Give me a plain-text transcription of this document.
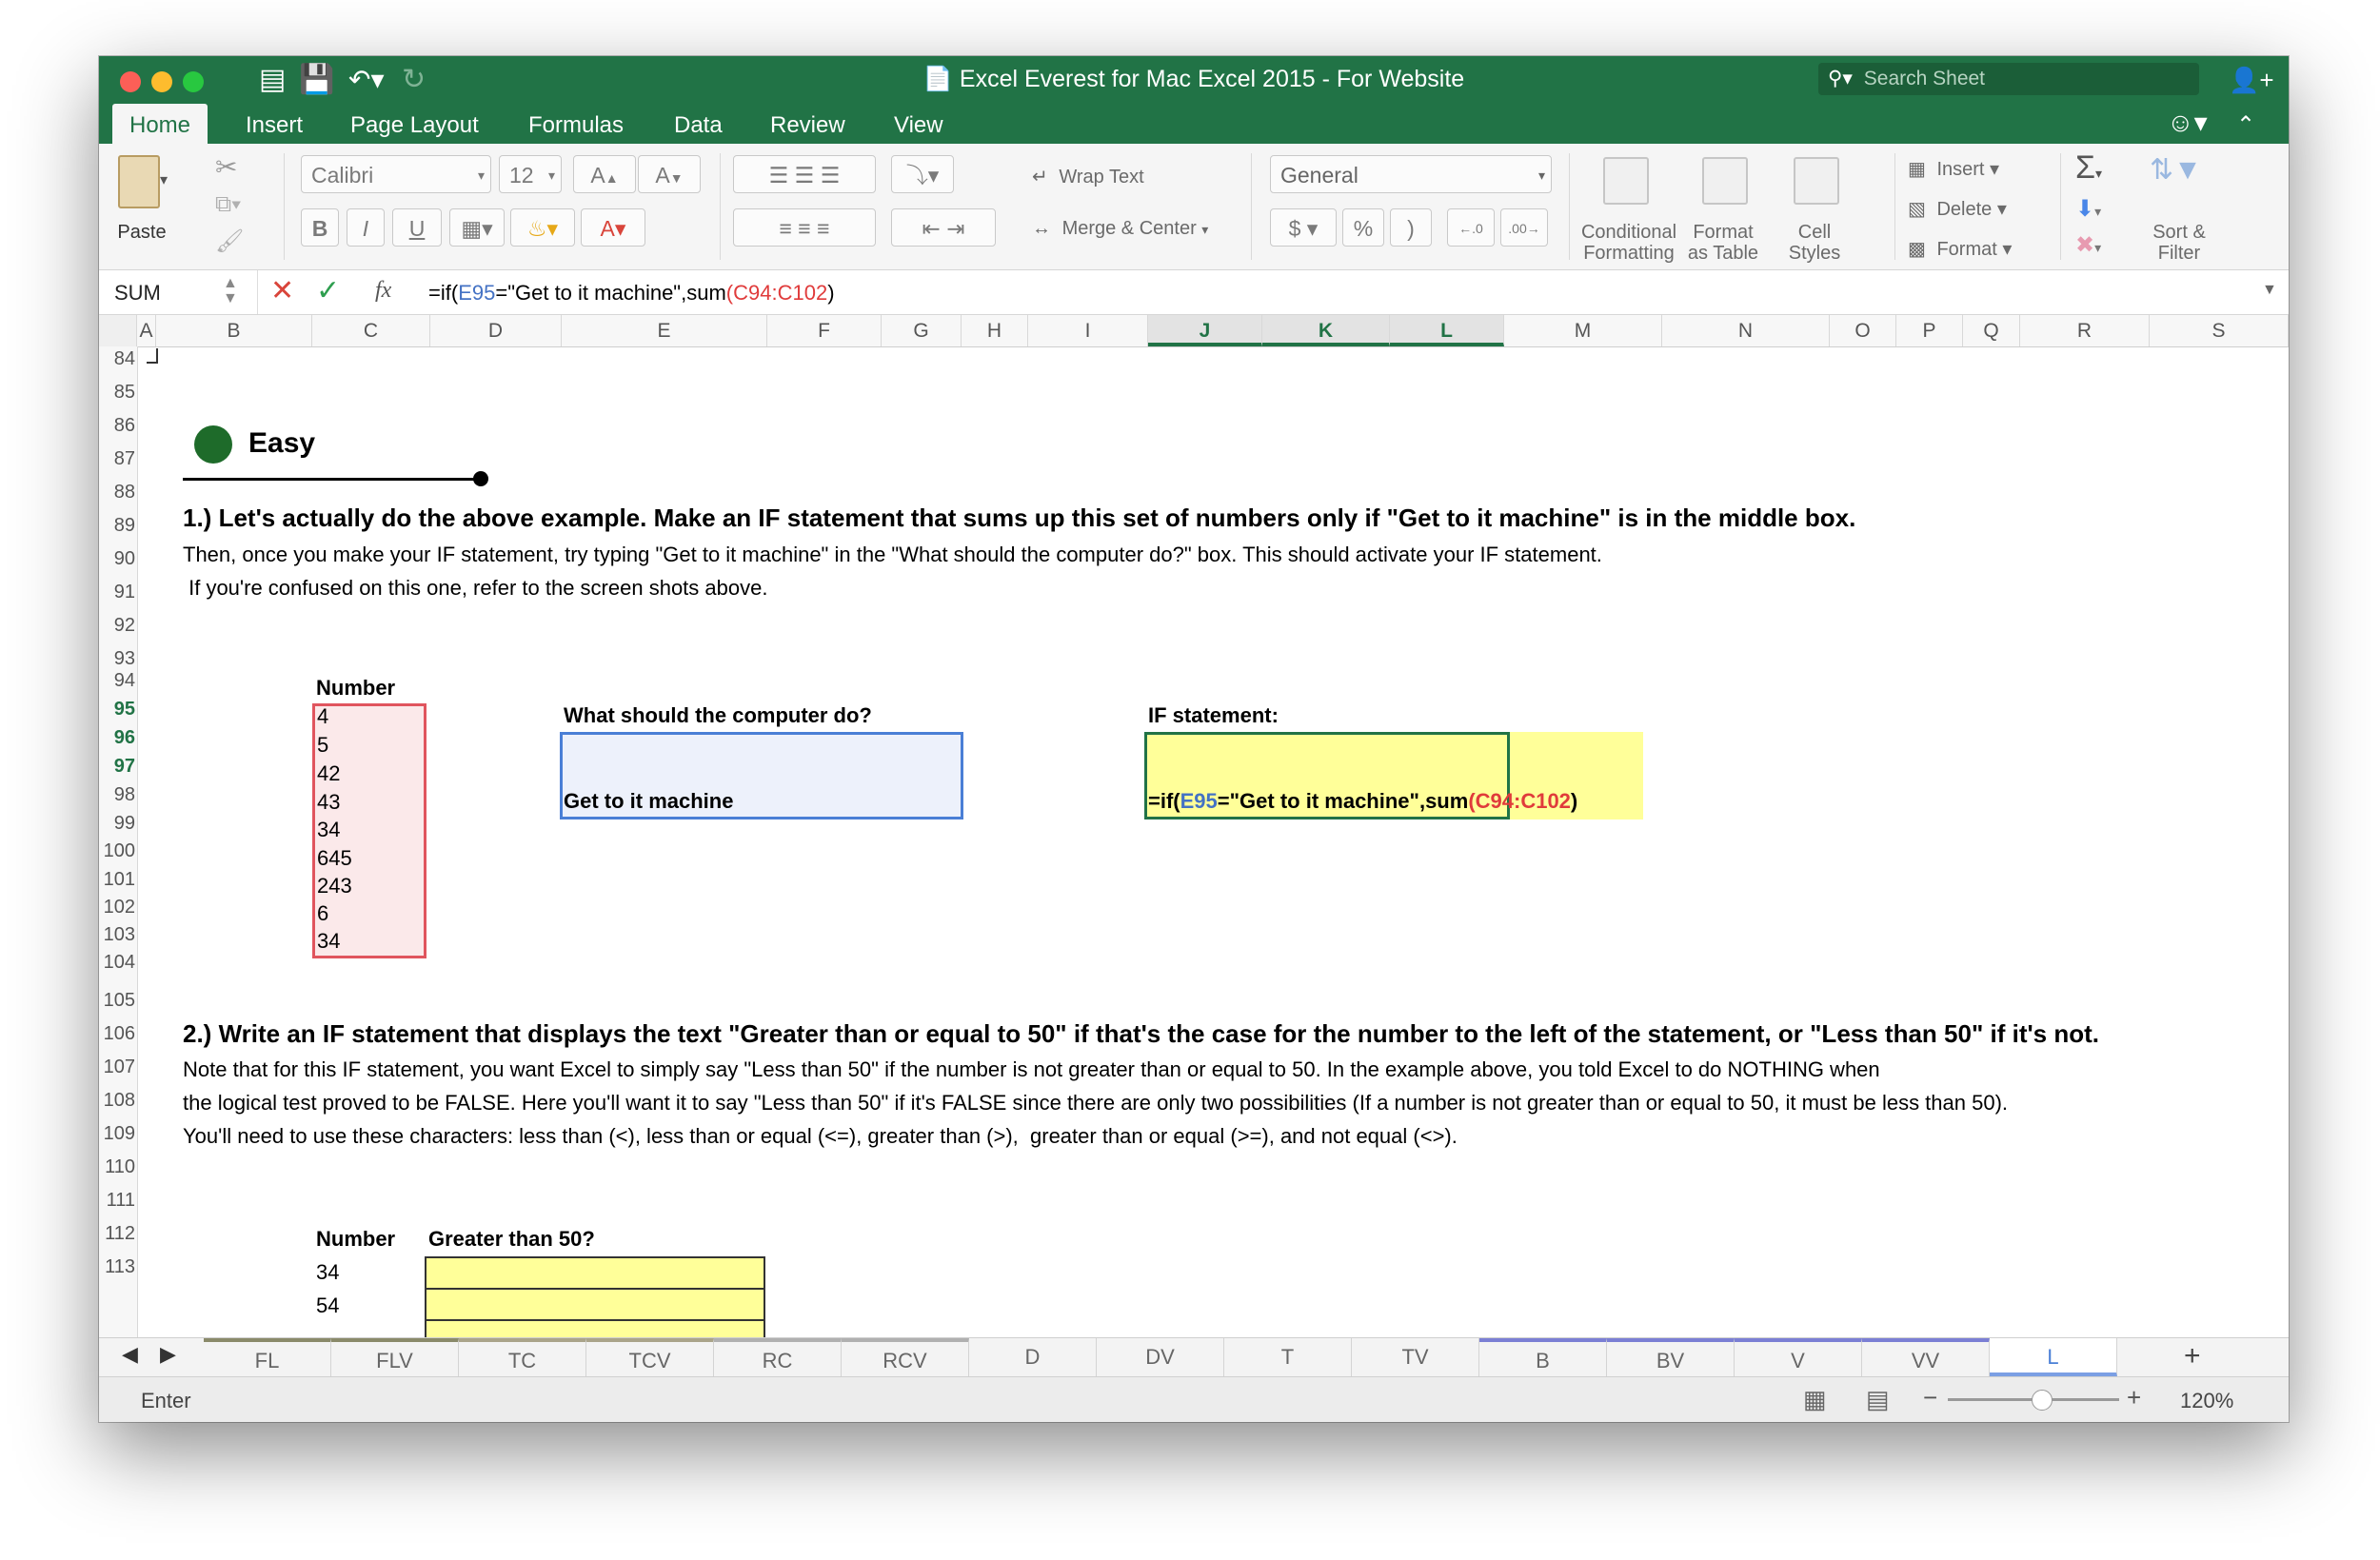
▤ 💾 ↶▾ ↻	📄 Excel Everest for Mac Excel 2015 - For Website	⚲▾ Search Sheet	👤+
Home	Insert Page Layout Formulas Data Review View	☺▾ ⌃
▾
Paste
✂
⧉▾
🖌
Calibri	▾	12 ▾	A▲	A▼
B	I	U	▦▾	♨▾	A▾
☰ ☰ ☰	⤵▾
≡ ≡ ≡	⇤ ⇥
↵ Wrap Text
↔ Merge & Center ▾
General	▾
$ ▾	%	)	←.0	.00→	Conditional
Formatting
Format
as Table
Cell
Styles
▦ Insert ▾
▧ Delete ▾
▩ Format ▾
Σ▾
⬇▾
✖▾
⇅▼
Sort &
Filter
SUM	▲
▼ ✕ ✓ fx =if(E95="Get to it machine",sum(C94:C102)	▼
A	B	C	D	E	F	G	H	I	J	K	L	M	N	O	P	Q	R	S
84
85
86
87
88
89
90
91
92
93
94
95
96
97
98
99
100
101
102
103
104
105
106
107
108
109
110
111
112
113
Easy
1.) Let's actually do the above example. Make an IF statement that sums up this set of numbers only if "Get to it machine" is in the middle box.
Then, once you make your IF statement, try typing "Get to it machine" in the "What should the computer do?" box. This should activate your IF statement.
If you're confused on this one, refer to the screen shots above.
Number
4
5
42
43
34
645
243
6
34
What should the computer do?
Get to it machine
IF statement:
=if(E95="Get to it machine",sum(C94:C102)
2.) Write an IF statement that displays the text "Greater than or equal to 50" if that's the case for the number to the left of the statement, or "Less than 50" if it's not.
Note that for this IF statement, you want Excel to simply say "Less than 50" if the number is not greater than or equal to 50. In the example above, you told Excel to do NOTHING when
the logical test proved to be FALSE. Here you'll want it to say "Less than 50" if it's FALSE since there are only two possibilities (If a number is not greater than or equal to 50, it must be less than 50).
You'll need to use these characters: less than (<), less than or equal (<=), greater than (>),  greater than or equal (>=), and not equal (<>).
Number Greater than 50?
34
54
◀ ▶	FL	FLV	TC	TCV	RC	RCV	D	DV	T	TV	B	BV	V	VV	L	+
Enter	▦ ▤ −	+ 120%
